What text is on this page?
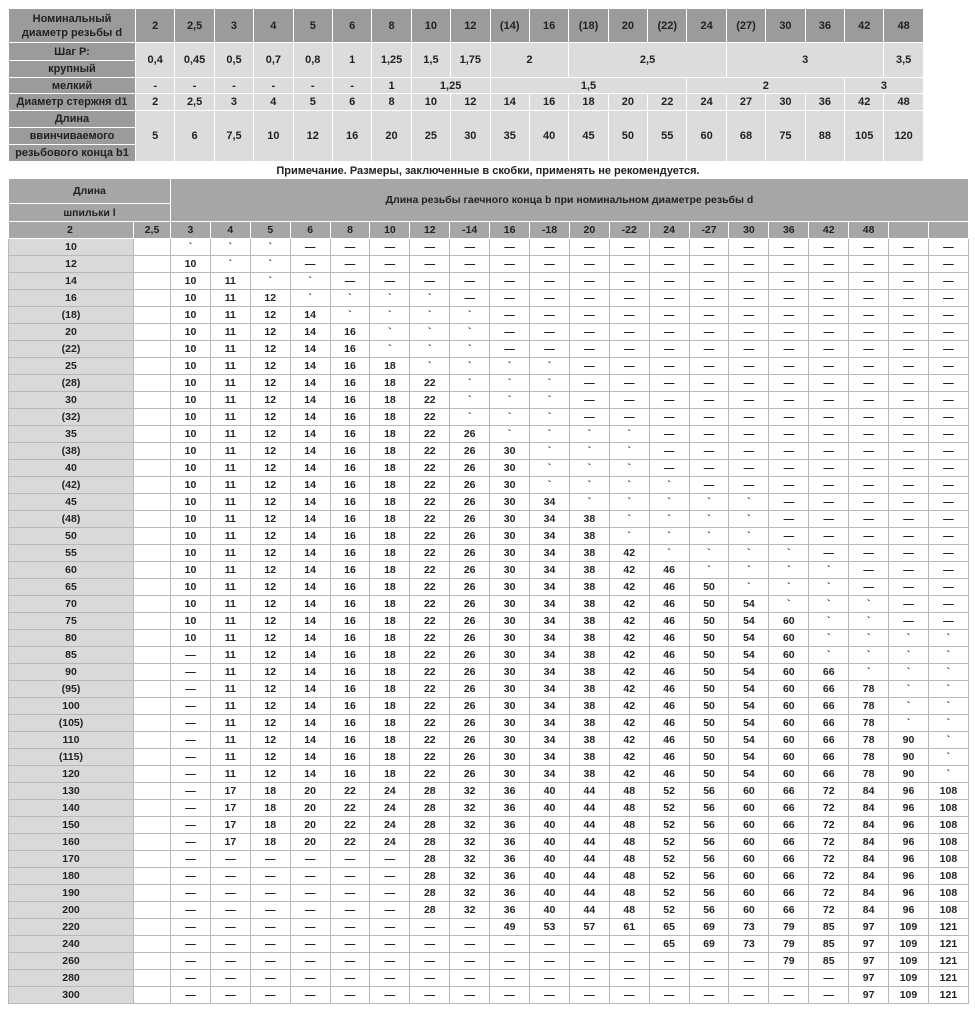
Номинальный диаметр резьбы d	2	2,5	3	4	5	6	8	10	12	(14)	16	(18)	20	(22)	24	(27)	30	36	42	48	
Шаг Р:	0,4	0,45	0,5	0,7	0,8	1	1,25	1,5	1,75	2		2,5				3				3,5			
крупный																					
мелкий	-	-	-	-	-	-	1	1,25		1,5					2				3		
Диаметр стержня d1	2	2,5	3	4	5	6	8	10	12	14	16	18	20	22	24	27	30	36	42	48	
Длина	5	6	7,5	10	12	16	20	25	30	35	40	45	50	55	60	68	75	88	105	120	
ввинчиваемого																					
резьбового конца b1																					
Примечание. Размеры, заключенные в скобки, применять не рекомендуется.
Длина		Длина резьбы гаечного конца b при номинальном диаметре резьбы d																			
шпильки l																					
2	2,5	3	4	5	6	8	10	12	-14	16	-18	20	-22	24	-27	30	36	42	48		
10		`	`	`	—	—	—	—	—	—	—	—	—	—	—	—	—	—	—	—	—
12		10	`	`	—	—	—	—	—	—	—	—	—	—	—	—	—	—	—	—	—
14		10	11	`	`	—	—	—	—	—	—	—	—	—	—	—	—	—	—	—	—
16		10	11	12	`	`	`	`	—	—	—	—	—	—	—	—	—	—	—	—	—
(18)		10	11	12	14	`	`	`	`	—	—	—	—	—	—	—	—	—	—	—	—
20		10	11	12	14	16	`	`	`	—	—	—	—	—	—	—	—	—	—	—	—
(22)		10	11	12	14	16	`	`	`	—	—	—	—	—	—	—	—	—	—	—	—
25		10	11	12	14	16	18	`	`	`	`	—	—	—	—	—	—	—	—	—	—
(28)		10	11	12	14	16	18	22	`	`	`	—	—	—	—	—	—	—	—	—	—
30		10	11	12	14	16	18	22	`	`	`	—	—	—	—	—	—	—	—	—	—
(32)		10	11	12	14	16	18	22	`	`	`	—	—	—	—	—	—	—	—	—	—
35		10	11	12	14	16	18	22	26	`	`	`	`	—	—	—	—	—	—	—	—
(38)		10	11	12	14	16	18	22	26	30	`	`	`	—	—	—	—	—	—	—	—
40		10	11	12	14	16	18	22	26	30	`	`	`	—	—	—	—	—	—	—	—
(42)		10	11	12	14	16	18	22	26	30	`	`	`	`	—	—	—	—	—	—	—
45		10	11	12	14	16	18	22	26	30	34	`	`	`	`	`	—	—	—	—	—
(48)		10	11	12	14	16	18	22	26	30	34	38	`	`	`	`	—	—	—	—	—
50		10	11	12	14	16	18	22	26	30	34	38	`	`	`	`	—	—	—	—	—
55		10	11	12	14	16	18	22	26	30	34	38	42	`	`	`	`	—	—	—	—
60		10	11	12	14	16	18	22	26	30	34	38	42	46	`	`	`	`	—	—	—
65		10	11	12	14	16	18	22	26	30	34	38	42	46	50	`	`	`	—	—	—
70		10	11	12	14	16	18	22	26	30	34	38	42	46	50	54	`	`	`	—	—
75		10	11	12	14	16	18	22	26	30	34	38	42	46	50	54	60	`	`	—	—
80		10	11	12	14	16	18	22	26	30	34	38	42	46	50	54	60	`	`	`	`
85		—	11	12	14	16	18	22	26	30	34	38	42	46	50	54	60	`	`	`	`
90		—	11	12	14	16	18	22	26	30	34	38	42	46	50	54	60	66	`	`	`
(95)		—	11	12	14	16	18	22	26	30	34	38	42	46	50	54	60	66	78	`	`
100		—	11	12	14	16	18	22	26	30	34	38	42	46	50	54	60	66	78	`	`
(105)		—	11	12	14	16	18	22	26	30	34	38	42	46	50	54	60	66	78	`	`
110		—	11	12	14	16	18	22	26	30	34	38	42	46	50	54	60	66	78	90	`
(115)		—	11	12	14	16	18	22	26	30	34	38	42	46	50	54	60	66	78	90	`
120		—	11	12	14	16	18	22	26	30	34	38	42	46	50	54	60	66	78	90	`
130		—	17	18	20	22	24	28	32	36	40	44	48	52	56	60	66	72	84	96	108
140		—	17	18	20	22	24	28	32	36	40	44	48	52	56	60	66	72	84	96	108
150		—	17	18	20	22	24	28	32	36	40	44	48	52	56	60	66	72	84	96	108
160		—	17	18	20	22	24	28	32	36	40	44	48	52	56	60	66	72	84	96	108
170		—	—	—	—	—	—	28	32	36	40	44	48	52	56	60	66	72	84	96	108
180		—	—	—	—	—	—	28	32	36	40	44	48	52	56	60	66	72	84	96	108
190		—	—	—	—	—	—	28	32	36	40	44	48	52	56	60	66	72	84	96	108
200		—	—	—	—	—	—	28	32	36	40	44	48	52	56	60	66	72	84	96	108
220		—	—	—	—	—	—	—	—	49	53	57	61	65	69	73	79	85	97	109	121
240		—	—	—	—	—	—	—	—	—	—	—	—	65	69	73	79	85	97	109	121
260		—	—	—	—	—	—	—	—	—	—	—	—	—	—	—	79	85	97	109	121
280		—	—	—	—	—	—	—	—	—	—	—	—	—	—	—	—	—	97	109	121
300		—	—	—	—	—	—	—	—	—	—	—	—	—	—	—	—	—	97	109	121
